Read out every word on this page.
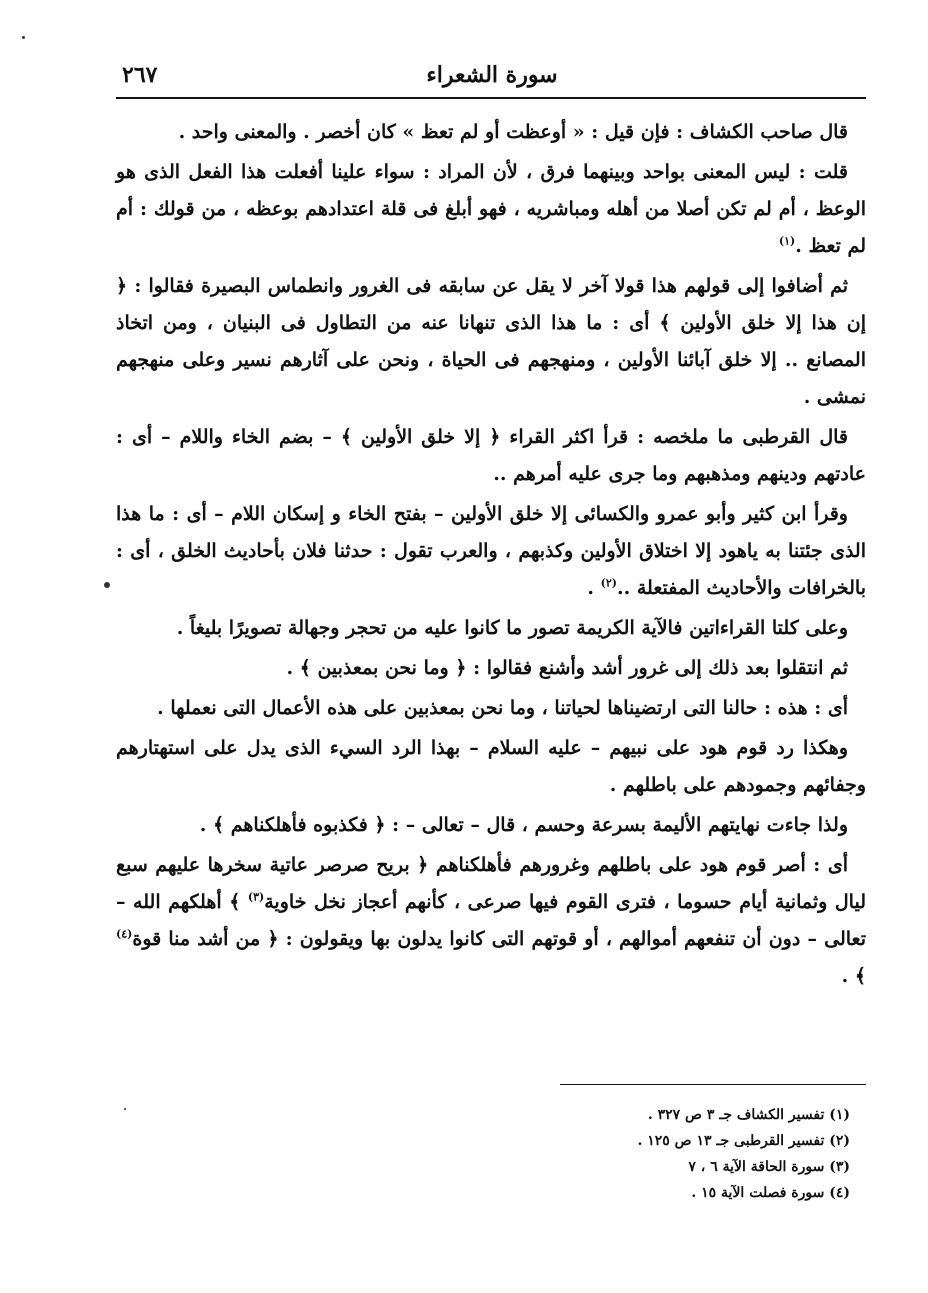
سورة الشعراء
٢٦٧

قال صاحب الكشاف : فإن قيل : « أوعظت أو لم تعظ » كان أخصر . والمعنى واحد .

قلت : ليس المعنى بواحد وبينهما فرق ، لأن المراد : سواء علينا أفعلت هذا الفعل الذى هو الوعظ ، أم لم تكن أصلا من أهله ومباشريه ، فهو أبلغ فى قلة اعتدادهم بوعظه ، من قولك : أم لم تعظ .$^{(١)}$

ثم أضافوا إلى قولهم هذا قولا آخر لا يقل عن سابقه فى الغرور وانطماس البصيرة فقالوا : ﴿ إن هذا إلا خلق الأولين ﴾ أى : ما هذا الذى تنهانا عنه من التطاول فى البنيان ، ومن اتخاذ المصانع .. إلا خلق آبائنا الأولين ، ومنهجهم فى الحياة ، ونحن على آثارهم نسير وعلى منهجهم نمشى .

قال القرطبى ما ملخصه : قرأ اكثر القراء ﴿ إلا خلق الأولين ﴾ – بضم الخاء واللام – أى : عادتهم ودينهم ومذهبهم وما جرى عليه أمرهم ..

وقرأ ابن كثير وأبو عمرو والكسائى إلا خلق الأولين – بفتح الخاء و إسكان اللام – أى : ما هذا الذى جئتنا به ياهود إلا اختلاق الأولين وكذبهم ، والعرب تقول : حدثنا فلان بأحاديث الخلق ، أى : بالخرافات والأحاديث المفتعلة ..$^{(٢)}$ .

وعلى كلتا القراءاتين فالآية الكريمة تصور ما كانوا عليه من تحجر وجهالة تصويرًا بليغاً .

ثم انتقلوا بعد ذلك إلى غرور أشد وأشنع فقالوا : ﴿ وما نحن بمعذبين ﴾ .

أى : هذه : حالنا التى ارتضيناها لحياتنا ، وما نحن بمعذبين على هذه الأعمال التى نعملها .

وهكذا رد قوم هود على نبيهم – عليه السلام – بهذا الرد السيء الذى يدل على استهتارهم وجفائهم وجمودهم على باطلهم .

ولذا جاءت نهايتهم الأليمة بسرعة وحسم ، قال – تعالى – : ﴿ فكذبوه فأهلكناهم ﴾ .

أى : أصر قوم هود على باطلهم وغرورهم فأهلكناهم ﴿ بريح صرصر عاتية سخرها عليهم سبع ليال وثمانية أيام حسوما ، فترى القوم فيها صرعى ، كأنهم أعجاز نخل خاوية$^{(٣)}$ ﴾ أهلكهم الله – تعالى – دون أن تنفعهم أموالهم ، أو قوتهم التى كانوا يدلون بها ويقولون : ﴿ من أشد منا قوة$^{(٤)}$ ﴾ .

(١) تفسير الكشاف جـ ٣ ص ٣٢٧ .
(٢) تفسير القرطبى جـ ١٣ ص ١٢٥ .
(٣) سورة الحاقة الآية ٦ ، ٧
(٤) سورة فصلت الآية ١٥ .
